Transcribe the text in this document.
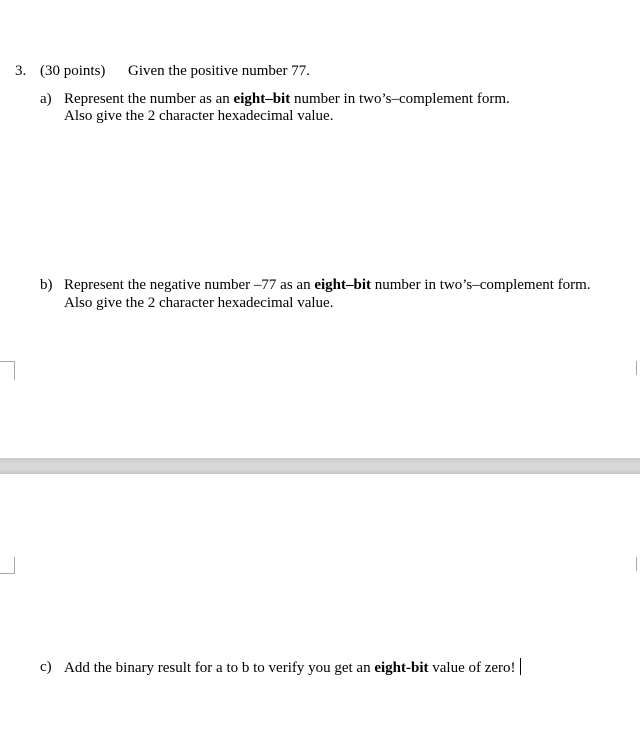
3. (30 points) Given the positive number 77.
a) Represent the number as an eight–bit number in two’s–complement form.
Also give the 2 character hexadecimal value.
b) Represent the negative number –77 as an eight–bit number in two’s–complement form.
Also give the 2 character hexadecimal value.
c) Add the binary result for a to b to verify you get an eight-bit value of zero!
